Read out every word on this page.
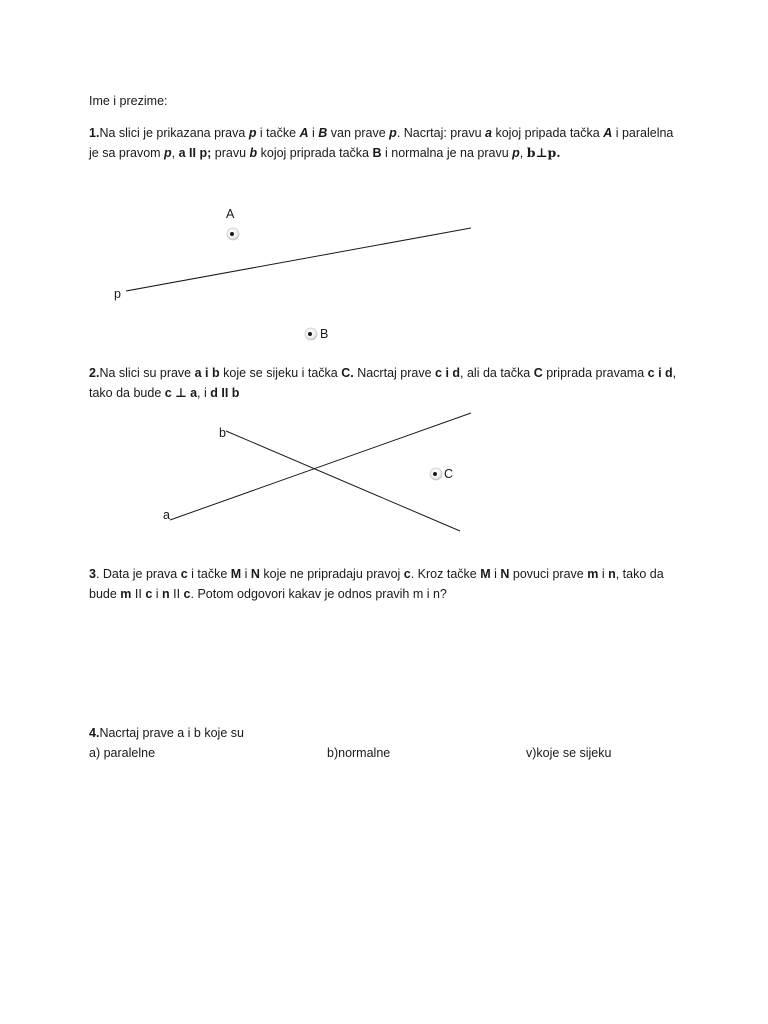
Ime i prezime:
1.Na slici je prikazana prava p i tačke A i B van prave p. Nacrtaj: pravu a kojoj pripada tačka A i paralelna
je sa pravom p, a II p; pravu b kojoj priprada tačka B i normalna je na pravu p, b⊥p.
p
A
B
2.Na slici su prave a i b koje se sijeku i tačka C. Nacrtaj prave c i d, ali da tačka C priprada pravama c i d,
tako da bude c ⊥ a, i d II b
a
b
C
3. Data je prava c i tačke M i N koje ne pripradaju pravoj c. Kroz tačke M i N povuci prave m i n, tako da
bude m II c i n II c. Potom odgovori kakav je odnos pravih m i n?
4.Nacrtaj prave a i b koje su
a) paralelne	b)normalne	v)koje se sijeku
